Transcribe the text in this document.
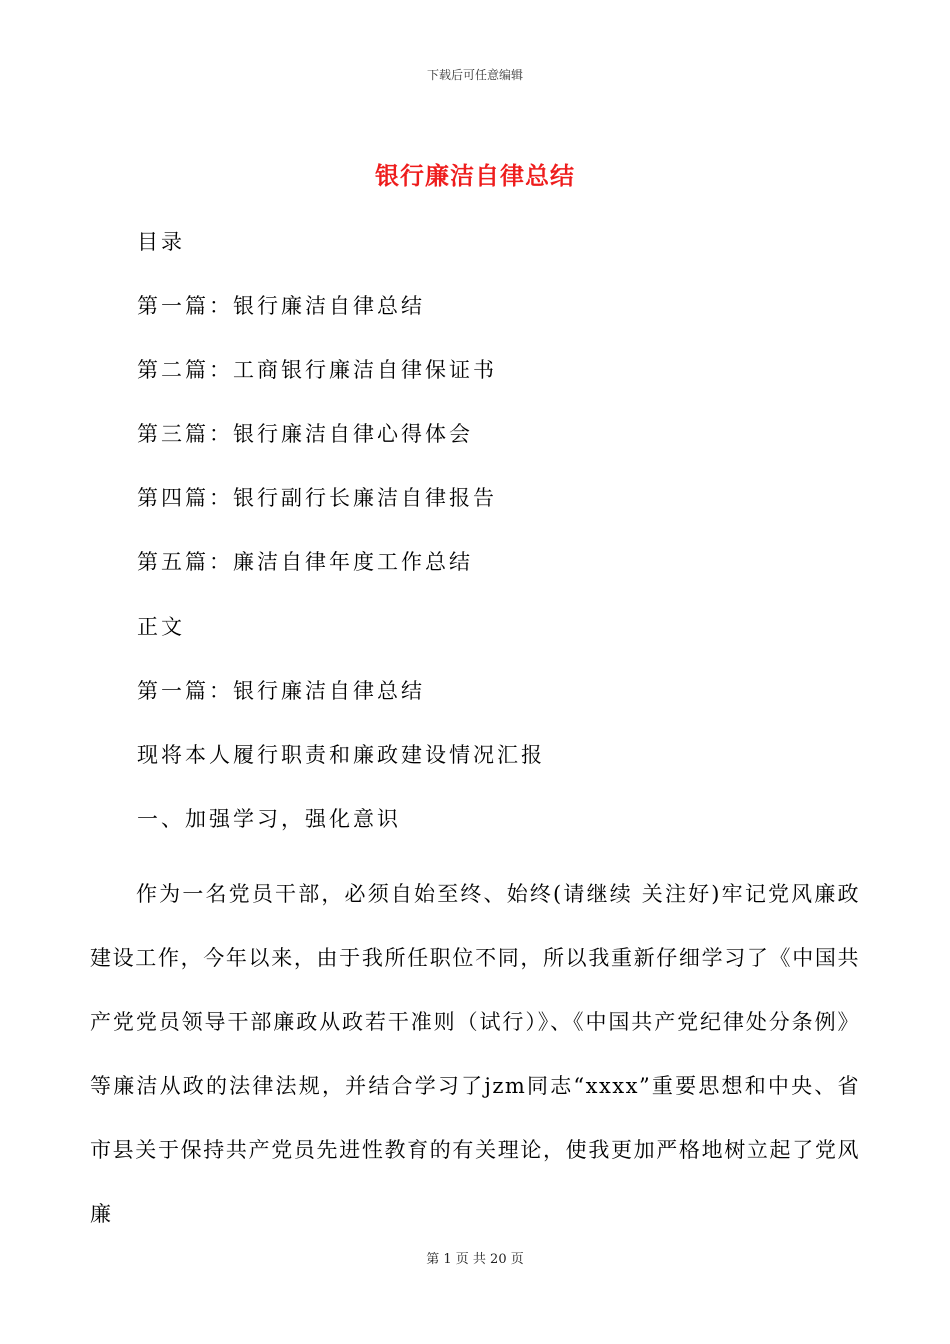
下载后可任意编辑
银行廉洁自律总结
目录
第一篇：银行廉洁自律总结
第二篇：工商银行廉洁自律保证书
第三篇：银行廉洁自律心得体会
第四篇：银行副行长廉洁自律报告
第五篇：廉洁自律年度工作总结
正文
第一篇：银行廉洁自律总结
现将本人履行职责和廉政建设情况汇报
一、加强学习，强化意识
作为一名党员干部，必须自始至终、始终(请继续 关注好)牢记党风廉政建设工作，今年以来，由于我所任职位不同，所以我重新仔细学习了《中国共产党党员领导干部廉政从政若干准则（试行）》、《中国共产党纪律处分条例》等廉洁从政的法律法规，并结合学习了jzm同志“xxxx”重要思想和中央、省市县关于保持共产党员先进性教育的有关理论，使我更加严格地树立起了党风廉
第 1 页 共 20 页
